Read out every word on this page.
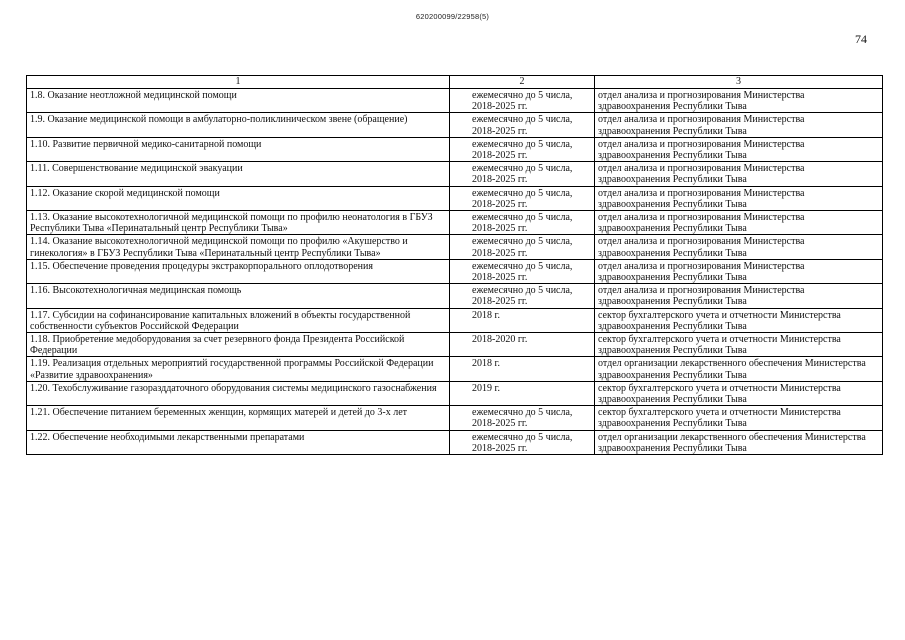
620200099/22958(5)
74
1	2	3
1.8. Оказание неотложной медицинской помощи	ежемесячно до 5 числа, 2018-2025 гг.	отдел анализа и прогнозирования Министерства здравоохранения Республики Тыва
1.9. Оказание медицинской помощи в амбулаторно-поликлиническом звене (обращение)	ежемесячно до 5 числа, 2018-2025 гг.	отдел анализа и прогнозирования Министерства здравоохранения Республики Тыва
1.10. Развитие первичной медико-санитарной помощи	ежемесячно до 5 числа, 2018-2025 гг.	отдел анализа и прогнозирования Министерства здравоохранения Республики Тыва
1.11. Совершенствование медицинской эвакуации	ежемесячно до 5 числа, 2018-2025 гг.	отдел анализа и прогнозирования Министерства здравоохранения Республики Тыва
1.12. Оказание скорой медицинской помощи	ежемесячно до 5 числа, 2018-2025 гг.	отдел анализа и прогнозирования Министерства здравоохранения Республики Тыва
1.13. Оказание высокотехнологичной медицинской помощи по профилю неонатология в ГБУЗ Республики Тыва «Перинатальный центр Республики Тыва»	ежемесячно до 5 числа, 2018-2025 гг.	отдел анализа и прогнозирования Министерства здравоохранения Республики Тыва
1.14. Оказание высокотехнологичной медицинской помощи по профилю «Акушерство и гинекология» в ГБУЗ Республики Тыва «Перинатальный центр Республики Тыва»	ежемесячно до 5 числа, 2018-2025 гг.	отдел анализа и прогнозирования Министерства здравоохранения Республики Тыва
1.15. Обеспечение проведения процедуры экстракорпорального оплодотворения	ежемесячно до 5 числа, 2018-2025 гг.	отдел анализа и прогнозирования Министерства здравоохранения Республики Тыва
1.16. Высокотехнологичная медицинская помощь	ежемесячно до 5 числа, 2018-2025 гг.	отдел анализа и прогнозирования Министерства здравоохранения Республики Тыва
1.17. Субсидии на софинансирование капитальных вложений в объекты государственной собственности субъектов Российской Федерации	2018 г.	сектор бухгалтерского учета и отчетности Министерства здравоохранения Республики Тыва
1.18. Приобретение медоборудования за счет резервного фонда Президента Российской Федерации	2018-2020 гг.	сектор бухгалтерского учета и отчетности Министерства здравоохранения Республики Тыва
1.19. Реализация отдельных мероприятий государственной программы Российской Федерации «Развитие здравоохранения»	2018 г.	отдел организации лекарственного обеспечения Министерства здравоохранения Республики Тыва
1.20. Техобслуживание газоразддаточного оборудования системы медицинского газоснабжения	2019 г.	сектор бухгалтерского учета и отчетности Министерства здравоохранения Республики Тыва
1.21. Обеспечение питанием беременных женщин, кормящих матерей и детей до 3-х лет	ежемесячно до 5 числа, 2018-2025 гг.	сектор бухгалтерского учета и отчетности Министерства здравоохранения Республики Тыва
1.22. Обеспечение необходимыми лекарственными препаратами	ежемесячно до 5 числа, 2018-2025 гг.	отдел организации лекарственного обеспечения Министерства здравоохранения Республики Тыва
